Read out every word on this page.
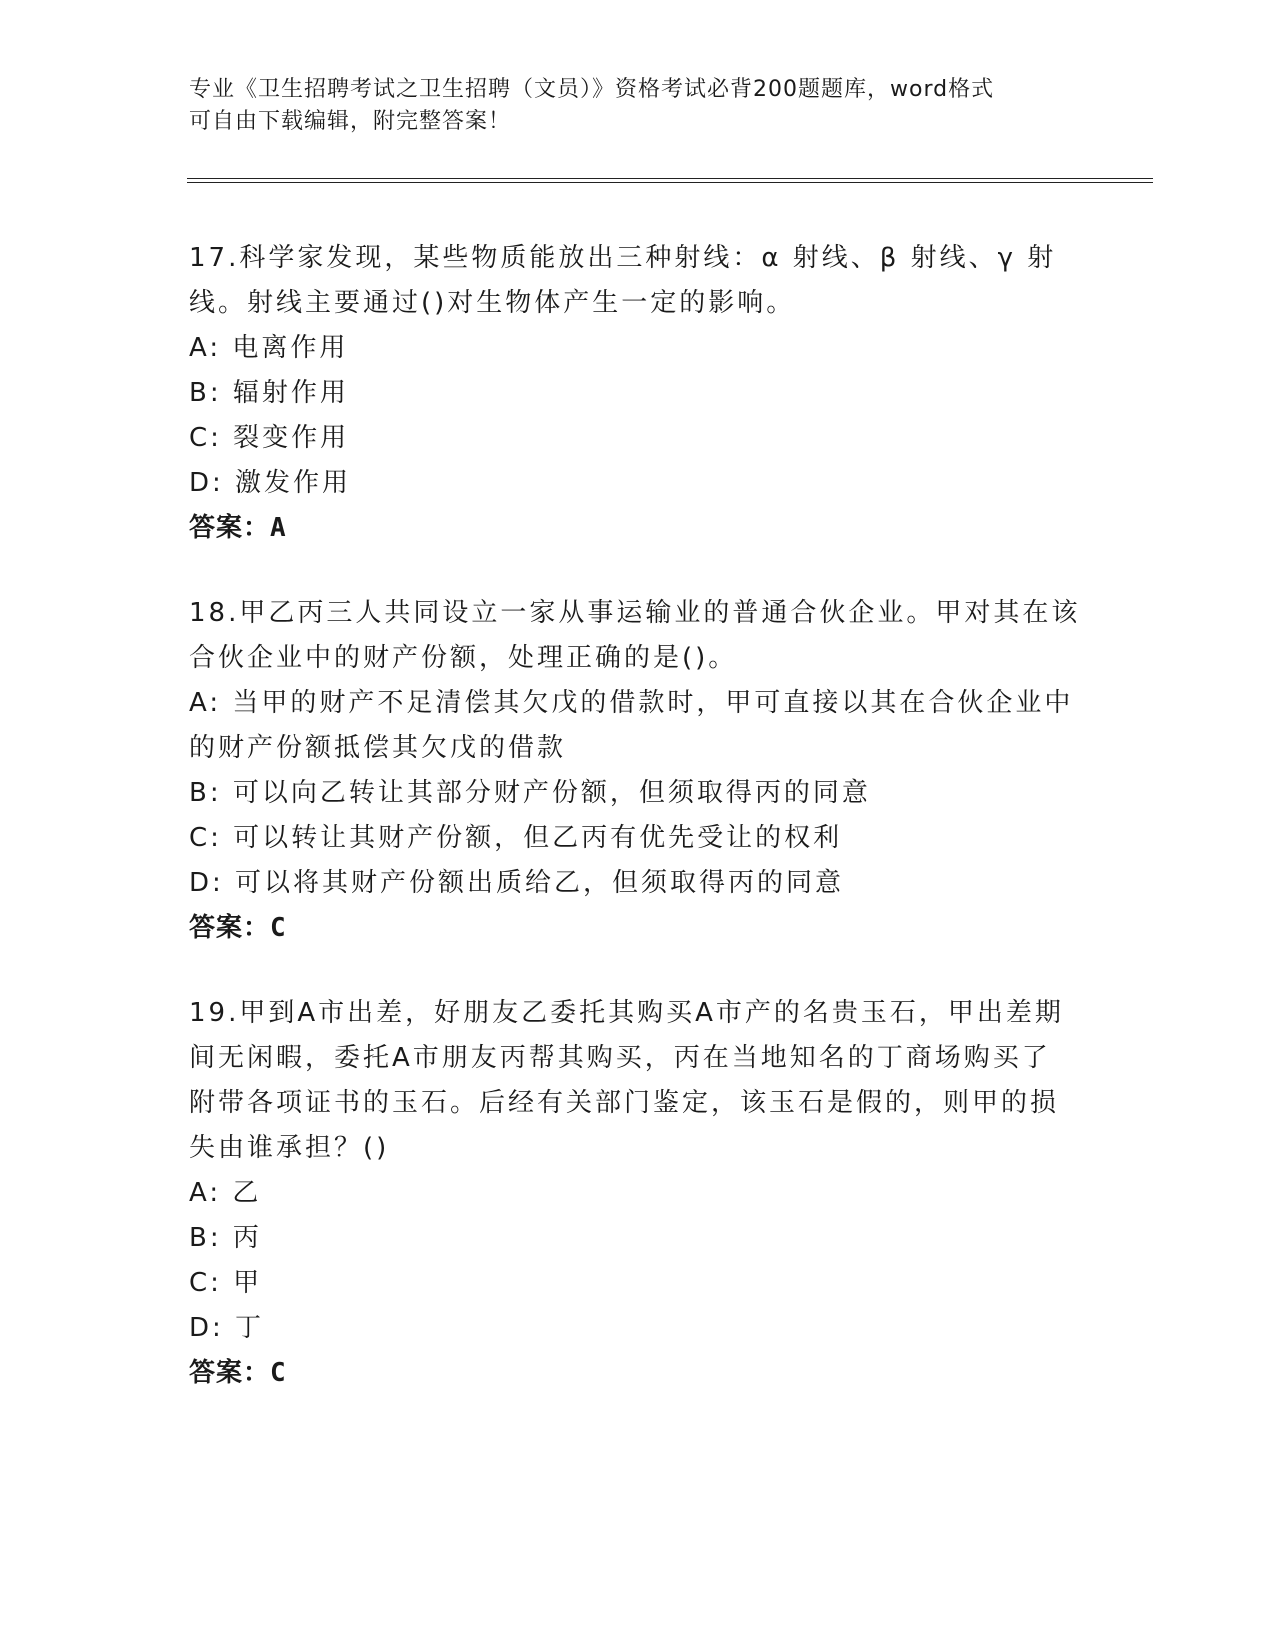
专业《卫生招聘考试之卫生招聘（文员）》资格考试必背200题题库，word格式
可自由下载编辑，附完整答案！
17.科学家发现，某些物质能放出三种射线：α 射线、β 射线、γ 射
线。射线主要通过()对生物体产生一定的影响。
A: 电离作用
B: 辐射作用
C: 裂变作用
D: 激发作用
答案：A
18.甲乙丙三人共同设立一家从事运输业的普通合伙企业。甲对其在该
合伙企业中的财产份额，处理正确的是()。
A: 当甲的财产不足清偿其欠戊的借款时，甲可直接以其在合伙企业中
的财产份额抵偿其欠戊的借款
B: 可以向乙转让其部分财产份额，但须取得丙的同意
C: 可以转让其财产份额，但乙丙有优先受让的权利
D: 可以将其财产份额出质给乙，但须取得丙的同意
答案：C
19.甲到A市出差，好朋友乙委托其购买A市产的名贵玉石，甲出差期
间无闲暇，委托A市朋友丙帮其购买，丙在当地知名的丁商场购买了
附带各项证书的玉石。后经有关部门鉴定，该玉石是假的，则甲的损
失由谁承担？()
A: 乙
B: 丙
C: 甲
D: 丁
答案：C
